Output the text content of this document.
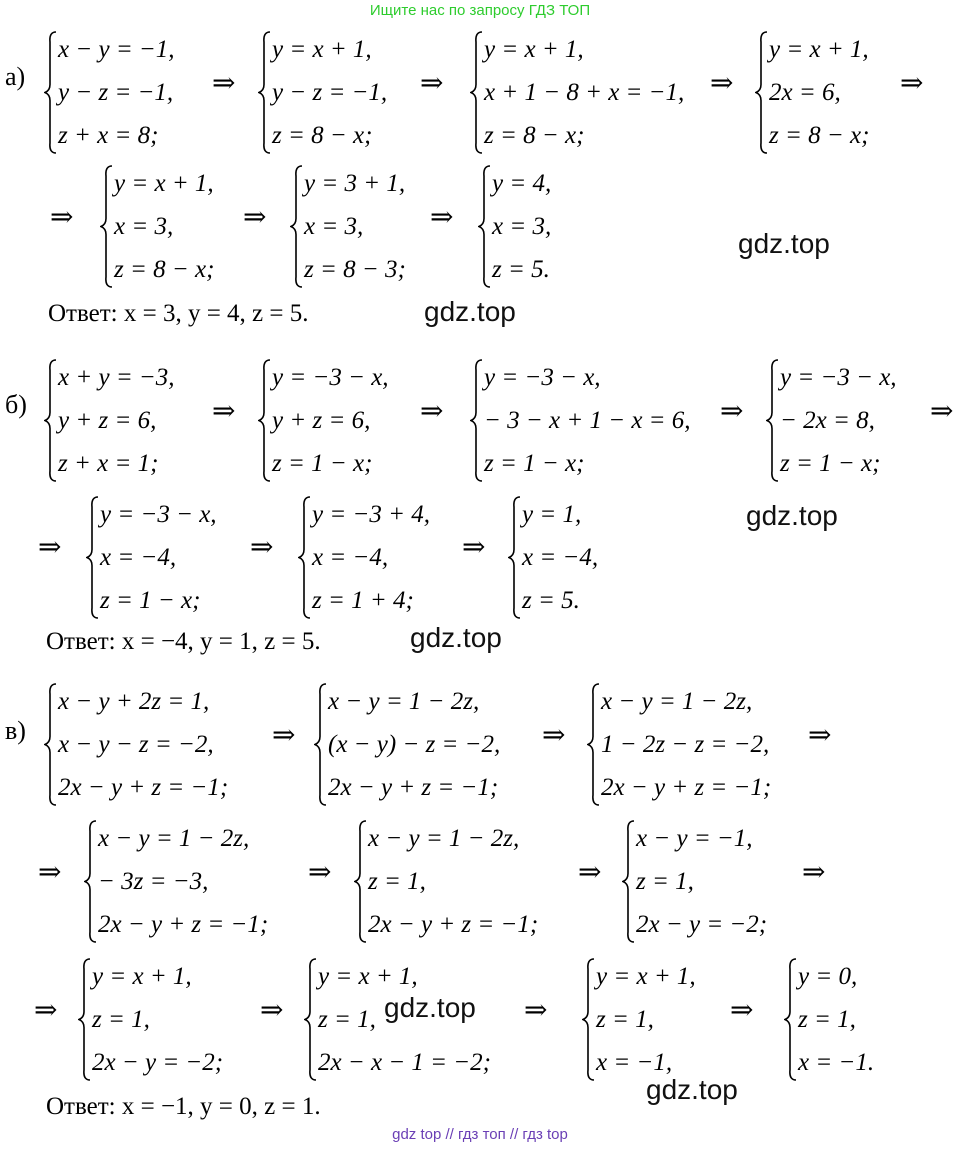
Ищите нас по запросу ГДЗ ТОП
а)
x − y = −1,
y − z = −1,
z + x = 8;
y = x + 1,
y − z = −1,
z = 8 − x;
y = x + 1,
x + 1 − 8 + x = −1,
z = 8 − x;
y = x + 1,
2x = 6,
z = 8 − x;
y = x + 1,
x = 3,
z = 8 − x;
y = 3 + 1,
x = 3,
z = 8 − 3;
y = 4,
x = 3,
z = 5.
⇒	⇒	⇒	⇒
⇒	⇒	⇒
Ответ: x = 3, y = 4, z = 5.
б)
x + y = −3,
y + z = 6,
z + x = 1;
y = −3 − x,
y + z = 6,
z = 1 − x;
y = −3 − x,
− 3 − x + 1 − x = 6,
z = 1 − x;
y = −3 − x,
− 2x = 8,
z = 1 − x;
y = −3 − x,
x = −4,
z = 1 − x;
y = −3 + 4,
x = −4,
z = 1 + 4;
y = 1,
x = −4,
z = 5.
⇒	⇒	⇒	⇒
⇒	⇒	⇒
Ответ: x = −4, y = 1, z = 5.
в)
x − y + 2z = 1,
x − y − z = −2,
2x − y + z = −1;
x − y = 1 − 2z,
(x − y) − z = −2,
2x − y + z = −1;
x − y = 1 − 2z,
1 − 2z − z = −2,
2x − y + z = −1;
x − y = 1 − 2z,
− 3z = −3,
2x − y + z = −1;
x − y = 1 − 2z,
z = 1,
2x − y + z = −1;
x − y = −1,
z = 1,
2x − y = −2;
y = x + 1,
z = 1,
2x − y = −2;
y = x + 1,
z = 1,
2x − x − 1 = −2;
y = x + 1,
z = 1,
x = −1,
y = 0,
z = 1,
x = −1.
⇒	⇒	⇒
⇒	⇒	⇒	⇒
⇒	⇒	⇒	⇒
Ответ: x = −1, y = 0, z = 1.
gdz.top
gdz.top
gdz.top
gdz.top
gdz.top
gdz.top
gdz top // гдз топ // гдз top
